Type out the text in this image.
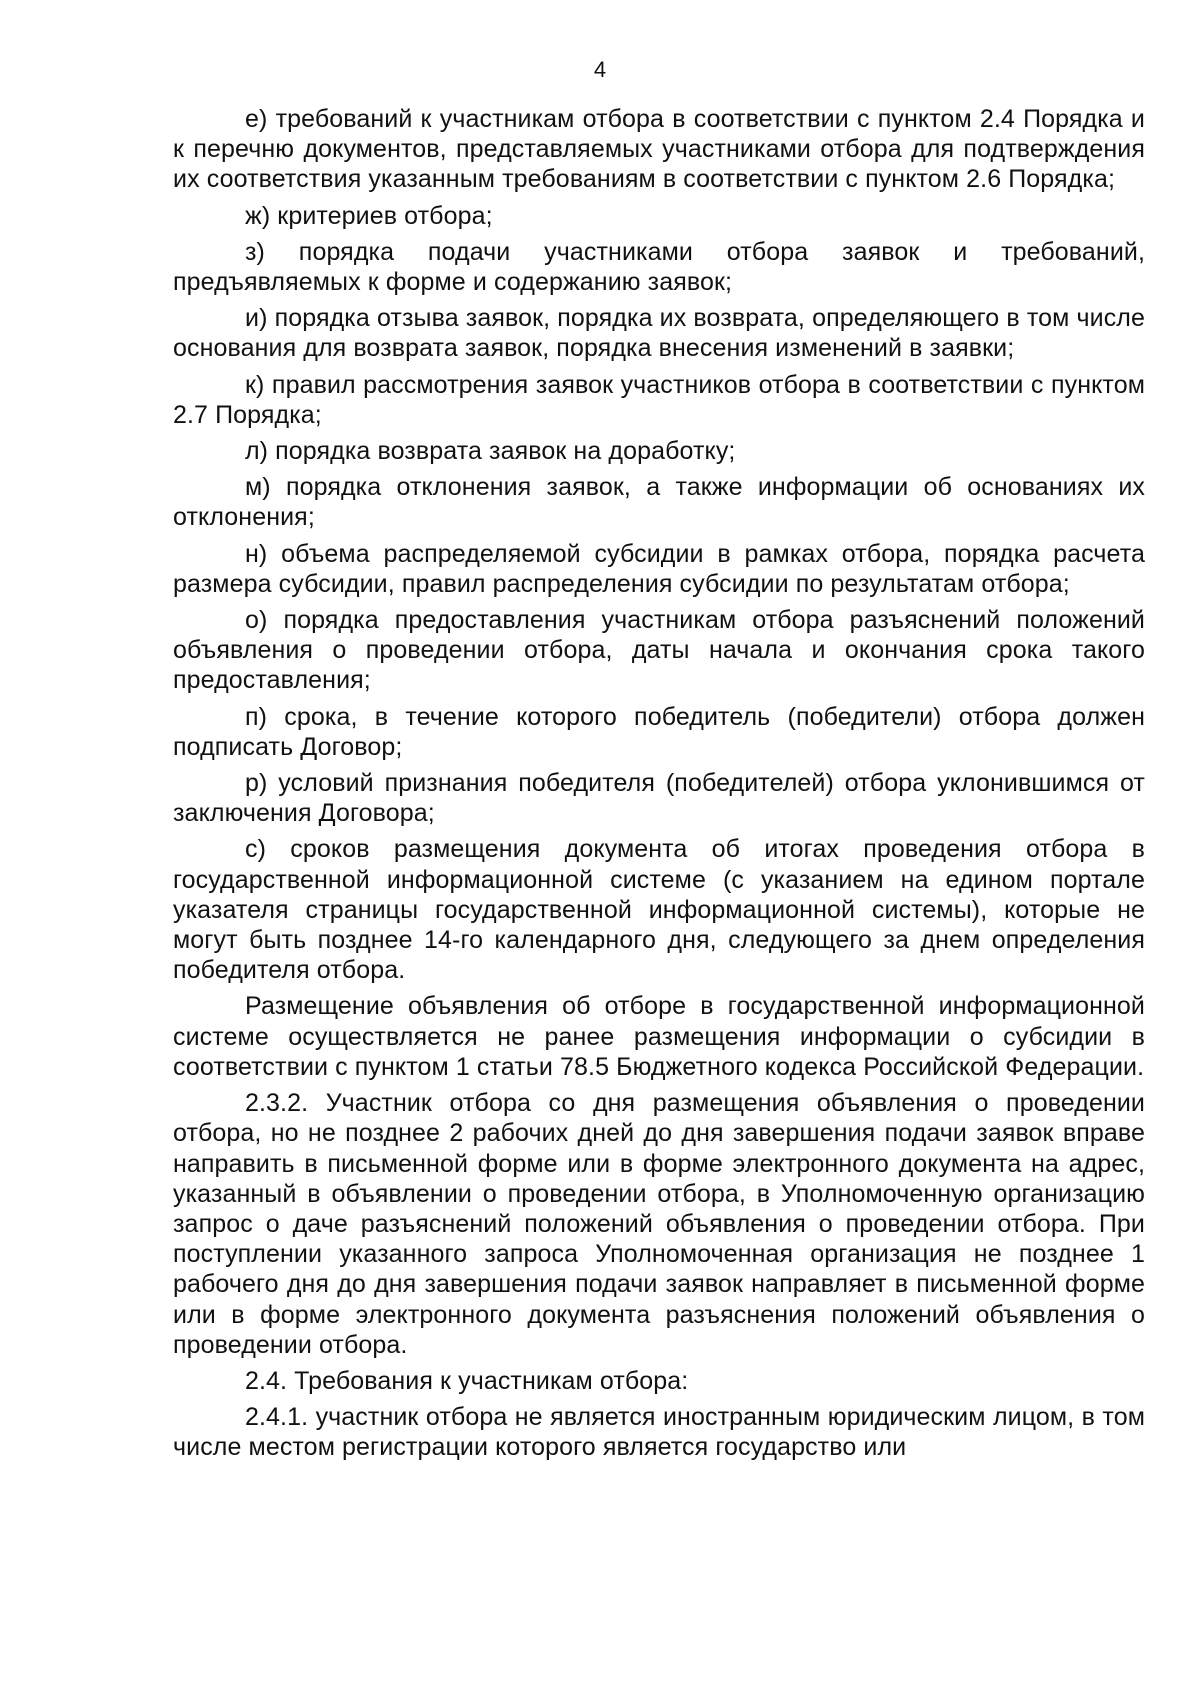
4

е) требований к участникам отбора в соответствии с пунктом 2.4 Порядка и к перечню документов, представляемых участниками отбора для подтверждения их соответствия указанным требованиям в соответствии с пунктом 2.6 Порядка;

ж) критериев отбора;

з) порядка подачи участниками отбора заявок и требований, предъявляемых к форме и содержанию заявок;

и) порядка отзыва заявок, порядка их возврата, определяющего в том числе основания для возврата заявок, порядка внесения изменений в заявки;

к) правил рассмотрения заявок участников отбора в соответствии с пунктом 2.7 Порядка;

л) порядка возврата заявок на доработку;

м) порядка отклонения заявок, а также информации об основаниях их отклонения;

н) объема распределяемой субсидии в рамках отбора, порядка расчета размера субсидии, правил распределения субсидии по результатам отбора;

о) порядка предоставления участникам отбора разъяснений положений объявления о проведении отбора, даты начала и окончания срока такого предоставления;

п) срока, в течение которого победитель (победители) отбора должен подписать Договор;

р) условий признания победителя (победителей) отбора уклонившимся от заключения Договора;

с) сроков размещения документа об итогах проведения отбора в государственной информационной системе (с указанием на едином портале указателя страницы государственной информационной системы), которые не могут быть позднее 14-го календарного дня, следующего за днем определения победителя отбора.

Размещение объявления об отборе в государственной информационной системе осуществляется не ранее размещения информации о субсидии в соответствии с пунктом 1 статьи 78.5 Бюджетного кодекса Российской Федерации.

2.3.2. Участник отбора со дня размещения объявления о проведении отбора, но не позднее 2 рабочих дней до дня завершения подачи заявок вправе направить в письменной форме или в форме электронного документа на адрес, указанный в объявлении о проведении отбора, в Уполномоченную организацию запрос о даче разъяснений положений объявления о проведении отбора. При поступлении указанного запроса Уполномоченная организация не позднее 1 рабочего дня до дня завершения подачи заявок направляет в письменной форме или в форме электронного документа разъяснения положений объявления о проведении отбора.

2.4. Требования к участникам отбора:

2.4.1. участник отбора не является иностранным юридическим лицом, в том числе местом регистрации которого является государство или
